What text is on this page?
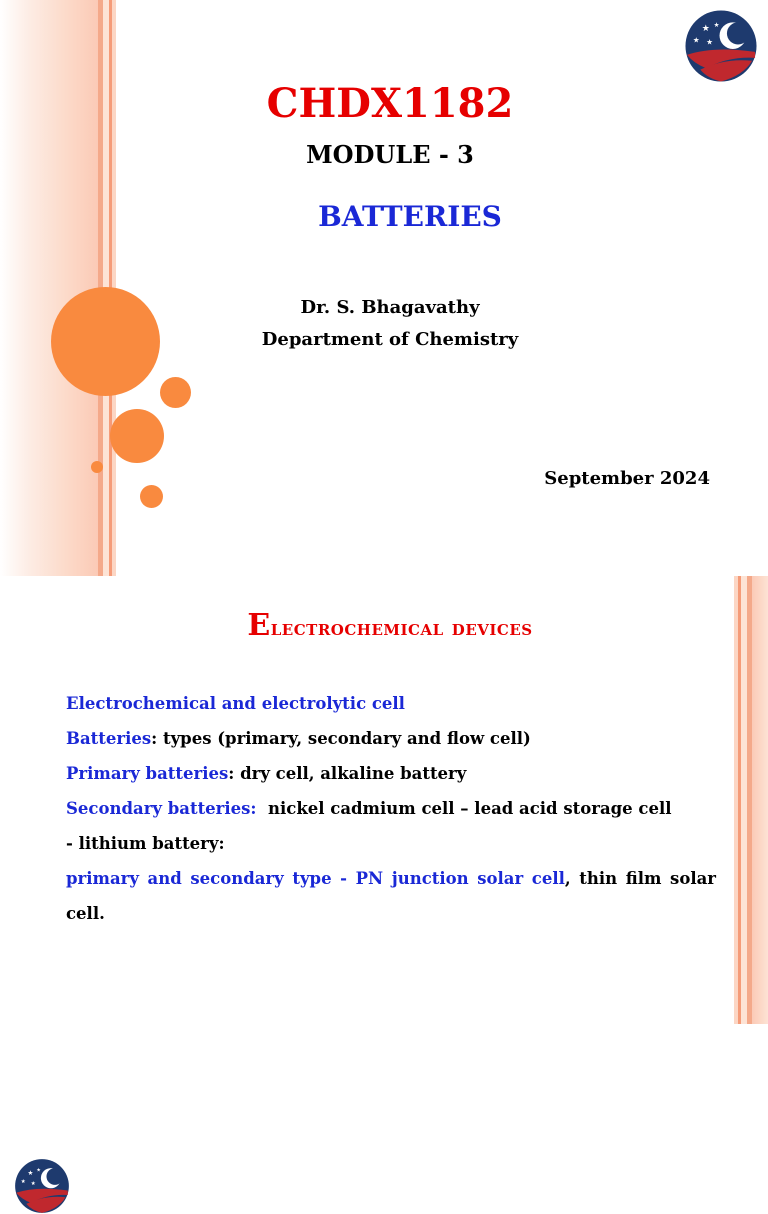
★
★ ★
★
CHDX1182
MODULE - 3
BATTERIES
Dr. S. Bhagavathy
Department of Chemistry
September 2024
★
★ ★
★
Electrochemical devices
Electrochemical and electrolytic cell
Batteries: types (primary, secondary and flow cell)
Primary batteries: dry cell, alkaline battery
Secondary batteries: nickel cadmium cell – lead acid storage cell
- lithium battery:
primary and secondary type - PN junction solar cell, thin film solar cell.
